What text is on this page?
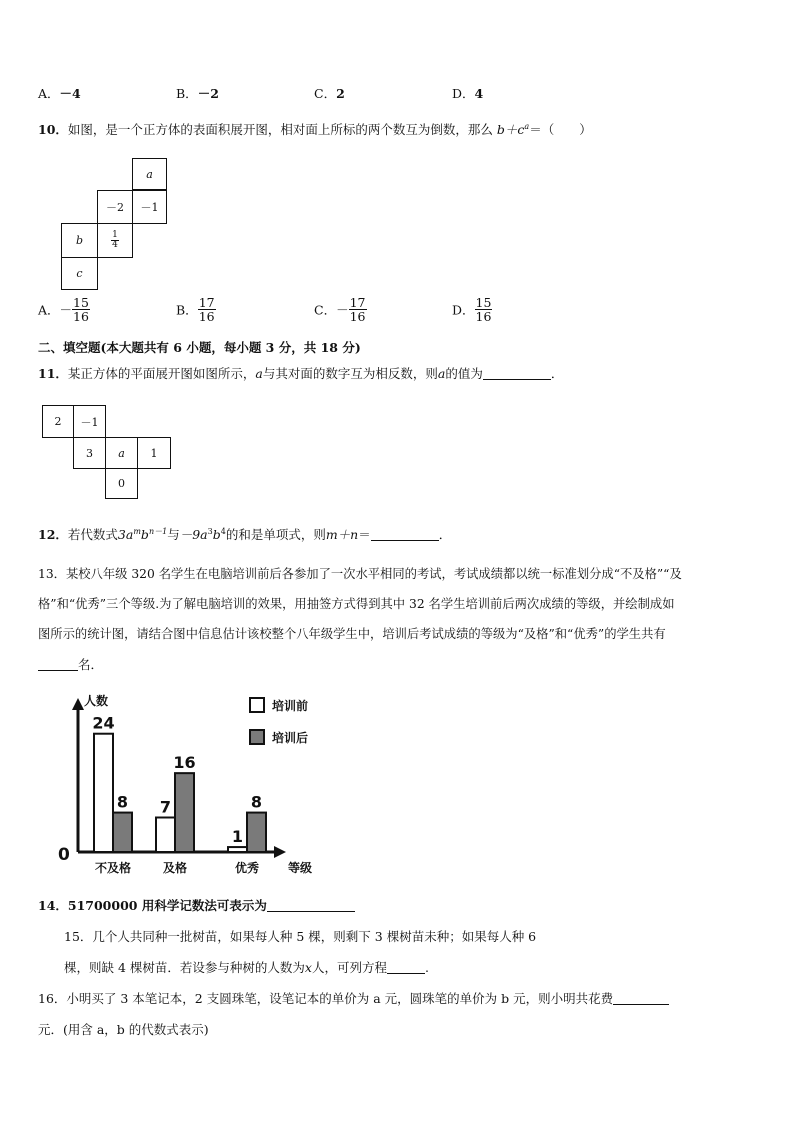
A．－4	B．－2	C．2	D．4
10．如图，是一个正方体的表面积展开图，相对面上所标的两个数互为倒数，那么 $b+c^a=$（　　）
a
－2 －1
b	$\frac{1}{4}$
c
A．－ $\frac{15}{16}$	B． $\frac{17}{16}$	C．－ $\frac{17}{16}$	D． $\frac{15}{16}$
二、填空题(本大题共有 6 小题，每小题 3 分，共 18 分)
11．某正方体的平面展开图如图所示，a与其对面的数字互为相反数，则a的值为	．
2 －1
3 a 1
0
12．若代数式$3a^mb^{n-1}$与$-9a^3b^4$的和是单项式，则m＋n＝	．
13．某校八年级 320 名学生在电脑培训前后各参加了一次水平相同的考试，考试成绩都以统一标准划分成“不及格”“及
格”和“优秀”三个等级.为了解电脑培训的效果，用抽签方式得到其中 32 名学生培训前后两次成绩的等级，并绘制成如
图所示的统计图，请结合图中信息估计该校整个八年级学生中，培训后考试成绩的等级为“及格”和“优秀”的学生共有
名．
人数
0
等级
24
8
不及格
7
16
及格
1
8
优秀
培训前
培训后
14．51700000 用科学记数法可表示为
15．几个人共同种一批树苗，如果每人种 5 棵，则剩下 3 棵树苗未种；如果每人种 6
棵，则缺 4 棵树苗．若设参与种树的人数为x人，可列方程	.
16．小明买了 3 本笔记本，2 支圆珠笔，设笔记本的单价为 a 元，圆珠笔的单价为 b 元，则小明共花费
元．(用含 a，b 的代数式表示)
